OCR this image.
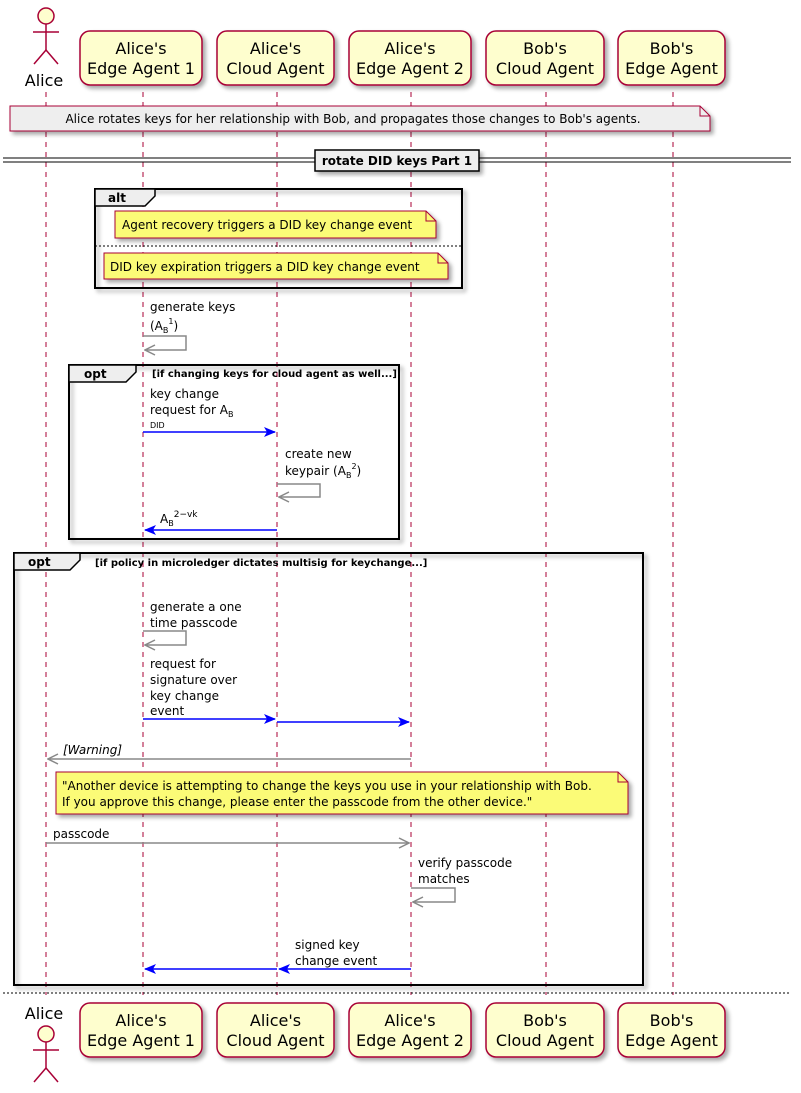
Alice
Alice's
Edge Agent 1
Alice's
Cloud Agent
Alice's
Edge Agent 2
Bob's
Cloud Agent
Bob's
Edge Agent
Alice rotates keys for her relationship with Bob, and propagates those changes to Bob's agents.
rotate DID keys Part 1
alt
Agent recovery triggers a DID key change event
DID key expiration triggers a DID key change event
generate keys
$(A_B^1)$
opt	[if changing keys for cloud agent as well...]
key change
request for $A_B$
DID
create new
keypair $(A_B^2)$
$A_B^{2-vk}$
opt	[if policy in microledger dictates multisig for keychange...]
generate a one
time passcode
request for
signature over
key change
event
[Warning]
"Another device is attempting to change the keys you use in your relationship with Bob.
If you approve this change, please enter the passcode from the other device."
passcode
verify passcode
matches
signed key
change event
Alice	Alice's
Edge Agent 1
Alice's
Cloud Agent
Alice's
Edge Agent 2
Bob's
Cloud Agent
Bob's
Edge Agent
